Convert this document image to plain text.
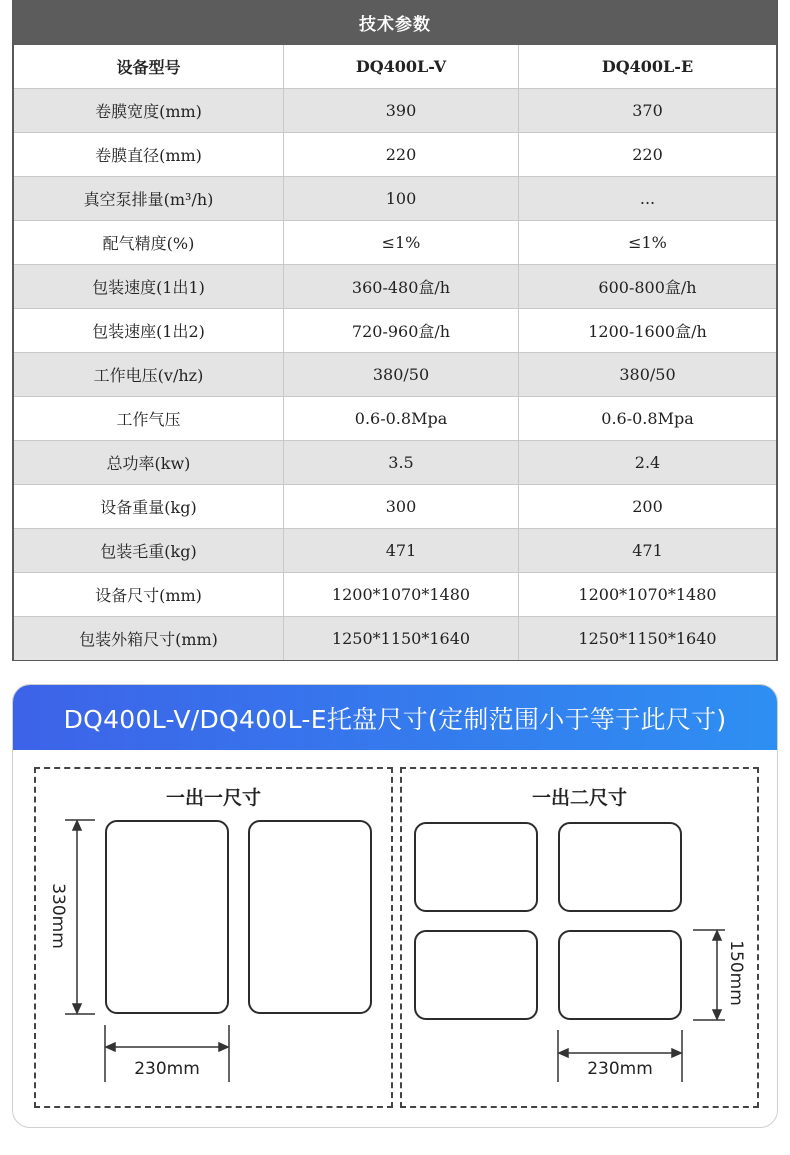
技术参数
设备型号	DQ400L-V	DQ400L-E
卷膜宽度(mm)	390	370
卷膜直径(mm)	220	220
真空泵排量(m³/h)	100	...
配气精度(%)	≤1%	≤1%
包装速度(1出1)	360-480盒/h	600-800盒/h
包装速座(1出2)	720-960盒/h	1200-1600盒/h
工作电压(v/hz)	380/50	380/50
工作气压	0.6-0.8Mpa	0.6-0.8Mpa
总功率(kw)	3.5	2.4
设备重量(kg)	300	200
包装毛重(kg)	471	471
设备尺寸(mm)	1200*1070*1480	1200*1070*1480
包装外箱尺寸(mm)	1250*1150*1640	1250*1150*1640
DQ400L-V/DQ400L-E托盘尺寸(定制范围小于等于此尺寸)
一出一尺寸	一出二尺寸
330mm
230mm
150mm
230mm
